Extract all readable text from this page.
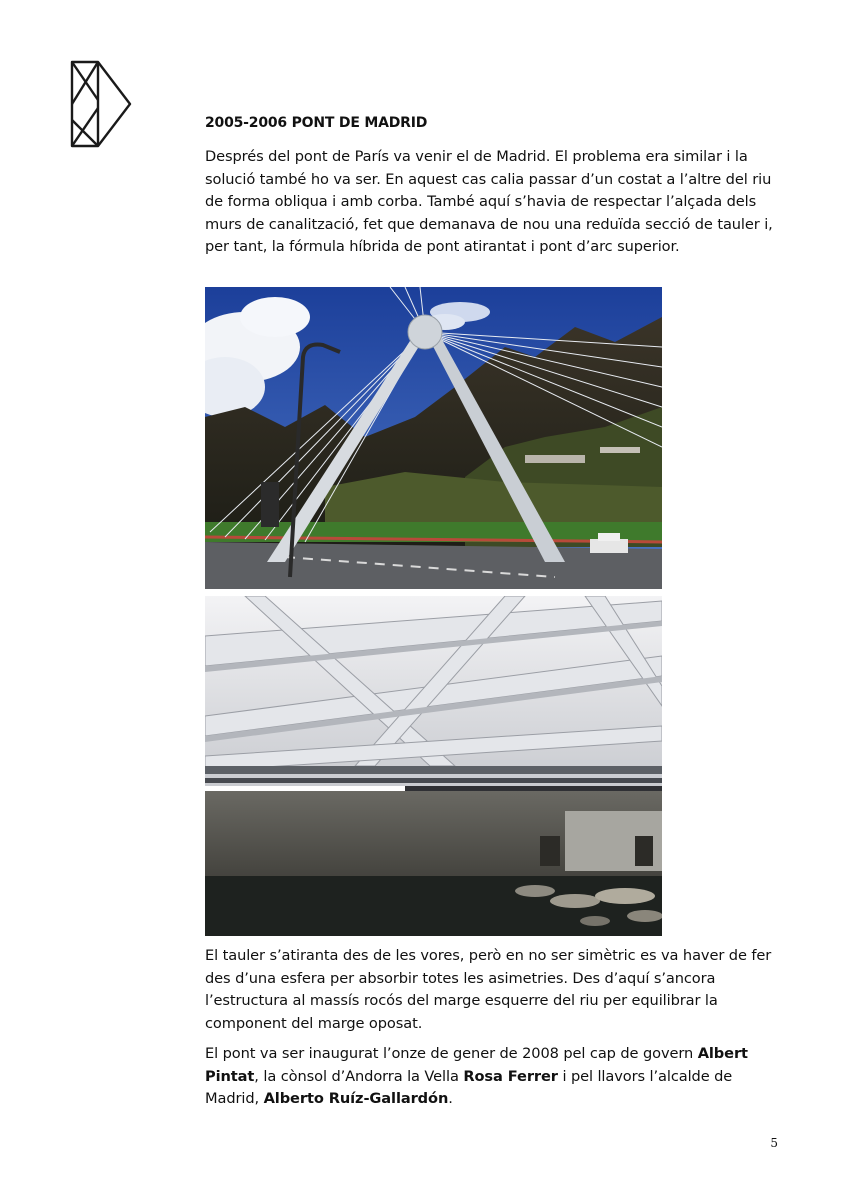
2005-2006 PONT DE MADRID

Després del pont de París va venir el de Madrid. El problema era similar i la solució també ho va ser. En aquest cas calia passar d’un costat a l’altre del riu de forma obliqua i amb corba. També aquí s’havia de respectar l’alçada dels murs de canalització, fet que demanava de nou una reduïda secció de tauler i, per tant, la fórmula híbrida de pont atirantat i pont d’arc superior.

El tauler s’atiranta des de les vores, però en no ser simètric es va haver de fer des d’una esfera per absorbir totes les asimetries. Des d’aquí s’ancora l’estructura al massís rocós del marge esquerre del riu per equilibrar la component del marge oposat.

El pont va ser inaugurat l’onze de gener de 2008 pel cap de govern Albert Pintat, la cònsol d’Andorra la Vella Rosa Ferrer i pel llavors l’alcalde de Madrid, Alberto Ruíz-Gallardón.

5
